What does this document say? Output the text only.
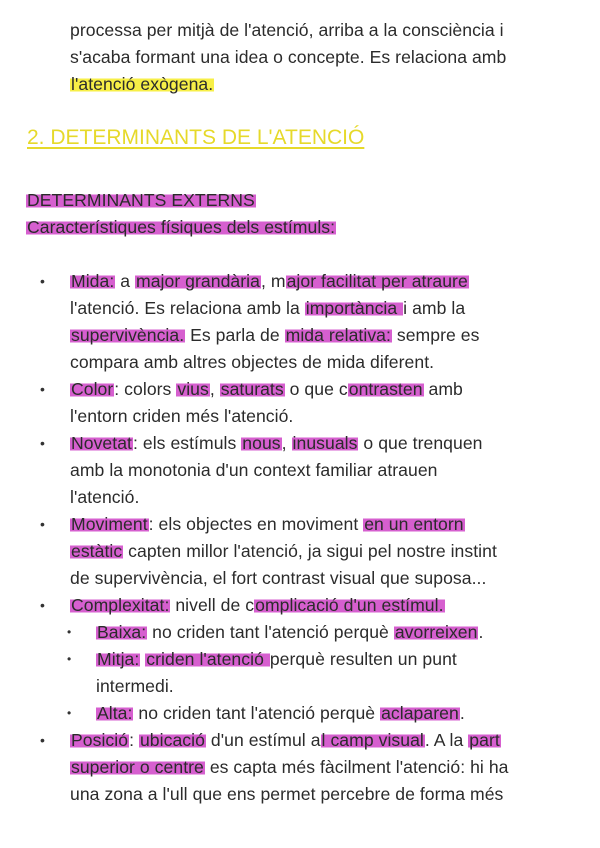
processa per mitjà de l'atenció, arriba a la consciència i
s'acaba formant una idea o concepte. Es relaciona amb
l'atenció exògena.
2. DETERMINANTS DE L'ATENCIÓ
DETERMINANTS EXTERNS
Característiques físiques dels estímuls:
• Mida: a major grandària, major facilitat per atraure
l'atenció. Es relaciona amb la importància i amb la
supervivència. Es parla de mida relativa: sempre es
compara amb altres objectes de mida diferent.
• Color: colors vius, saturats o que contrasten amb
l'entorn criden més l'atenció.
• Novetat: els estímuls nous, inusuals o que trenquen
amb la monotonia d'un context familiar atrauen
l'atenció.
• Moviment: els objectes en moviment en un entorn
estàtic capten millor l'atenció, ja sigui pel nostre instint
de supervivència, el fort contrast visual que suposa...
• Complexitat: nivell de complicació d'un estímul.
• Baixa: no criden tant l'atenció perquè avorreixen.
• Mitja: criden l'atenció perquè resulten un punt
intermedi.
• Alta: no criden tant l'atenció perquè aclaparen.
• Posició: ubicació d'un estímul al camp visual. A la part
superior o centre es capta més fàcilment l'atenció: hi ha
una zona a l'ull que ens permet percebre de forma més
